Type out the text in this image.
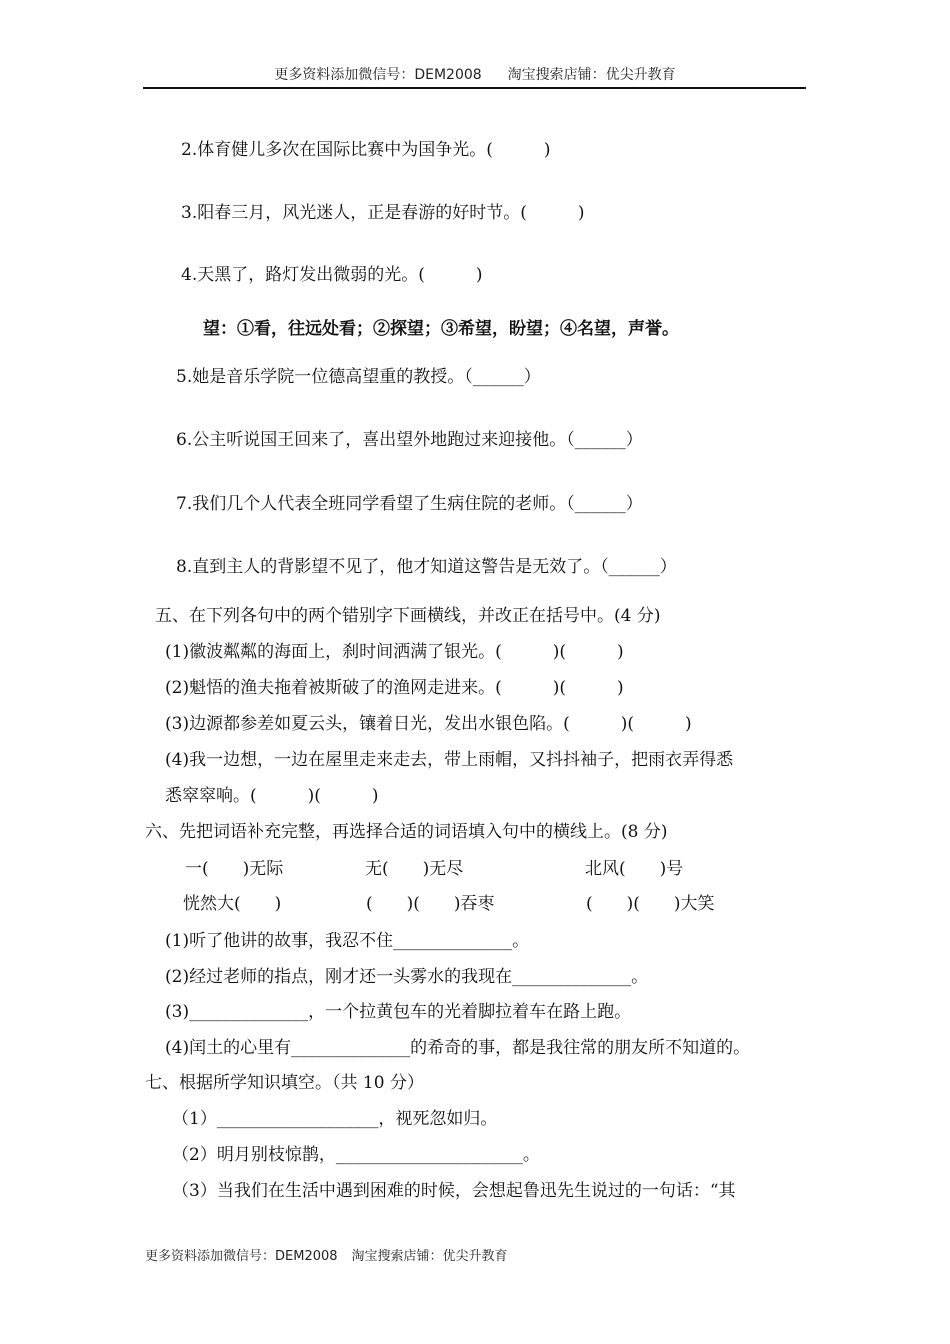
更多资料添加微信号：DEM2008 淘宝搜索店铺：优尖升教育
2.体育健儿多次在国际比赛中为国争光。(　　　)
3.阳春三月，风光迷人，正是春游的好时节。(　　　)
4.天黑了，路灯发出微弱的光。(　　　)
望：①看，往远处看；②探望；③希望，盼望；④名望，声誉。
5.她是音乐学院一位德高望重的教授。（______）
6.公主听说国王回来了，喜出望外地跑过来迎接他。（______）
7.我们几个人代表全班同学看望了生病住院的老师。（______）
8.直到主人的背影望不见了，他才知道这警告是无效了。（______）
五、在下列各句中的两个错别字下画横线，并改正在括号中。(4 分)
(1)徽波粼粼的海面上，刹时间洒满了银光。(　　　)(　　　)
(2)魁悟的渔夫拖着被斯破了的渔网走进来。(　　　)(　　　)
(3)边源都参差如夏云头，镶着日光，发出水银色陷。(　　　)(　　　)
(4)我一边想，一边在屋里走来走去，带上雨帽，又抖抖袖子，把雨衣弄得悉
悉窣窣响。(　　　)(　　　)
六、先把词语补充完整，再选择合适的词语填入句中的横线上。(8 分)
一(　　)无际	无(　　)无尽	北风(　　)号
恍然大(　　)	(　　)(　　)吞枣	(　　)(　　)大笑
(1)听了他讲的故事，我忍不住______________。
(2)经过老师的指点，刚才还一头雾水的我现在______________。
(3)______________，一个拉黄包车的光着脚拉着车在路上跑。
(4)闰土的心里有______________的希奇的事，都是我往常的朋友所不知道的。
七、根据所学知识填空。（共 10 分）
（1）___________________，视死忽如归。
（2）明月别枝惊鹊，______________________。
（3）当我们在生活中遇到困难的时候，会想起鲁迅先生说过的一句话：“其
更多资料添加微信号：DEM2008 淘宝搜索店铺：优尖升教育
